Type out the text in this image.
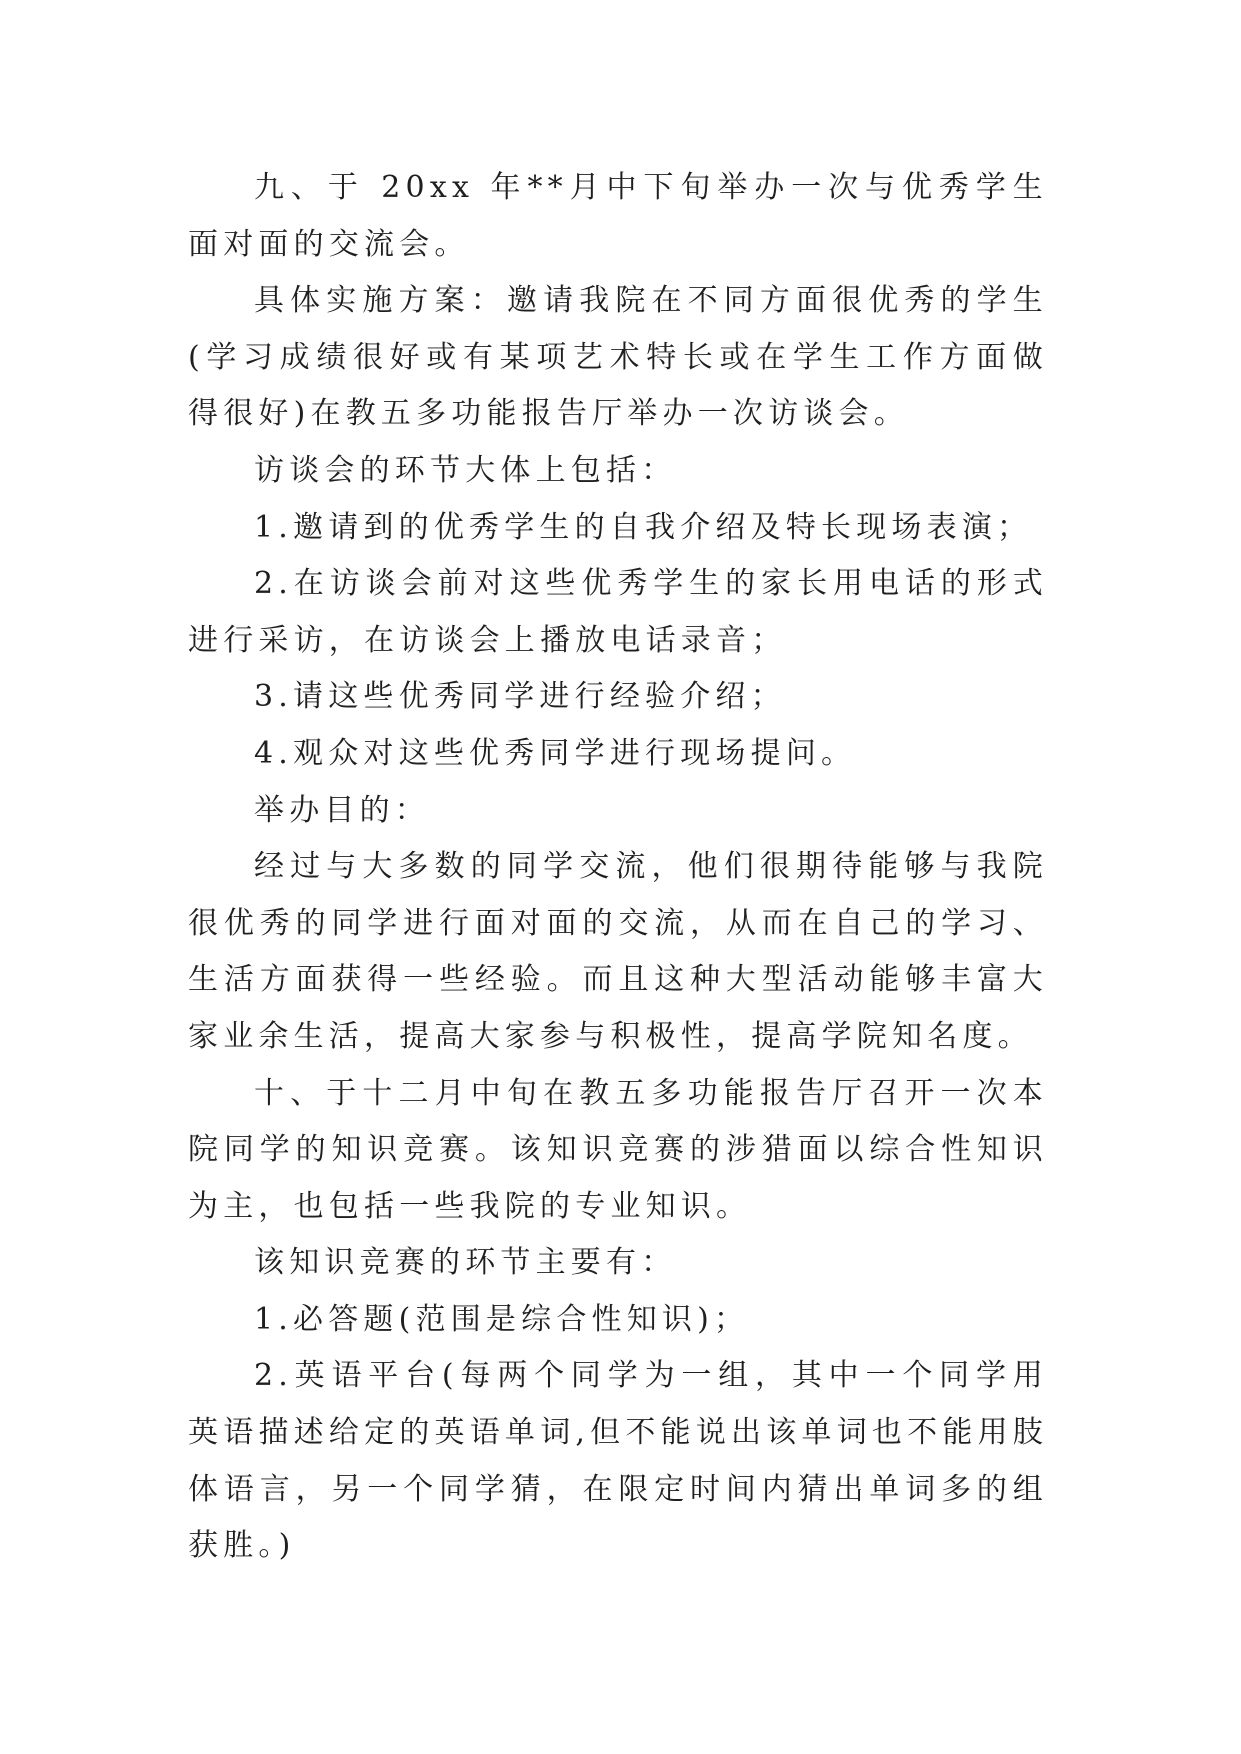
九、于 20xx 年**月中下旬举办一次与优秀学生面对面的交流会。

具体实施方案：邀请我院在不同方面很优秀的学生(学习成绩很好或有某项艺术特长或在学生工作方面做得很好)在教五多功能报告厅举办一次访谈会。

访谈会的环节大体上包括：

1.邀请到的优秀学生的自我介绍及特长现场表演；

2.在访谈会前对这些优秀学生的家长用电话的形式进行采访，在访谈会上播放电话录音；

3.请这些优秀同学进行经验介绍；

4.观众对这些优秀同学进行现场提问。

举办目的：

经过与大多数的同学交流，他们很期待能够与我院很优秀的同学进行面对面的交流，从而在自己的学习、生活方面获得一些经验。而且这种大型活动能够丰富大家业余生活，提高大家参与积极性，提高学院知名度。

十、于十二月中旬在教五多功能报告厅召开一次本院同学的知识竞赛。该知识竞赛的涉猎面以综合性知识为主，也包括一些我院的专业知识。

该知识竞赛的环节主要有：

1.必答题(范围是综合性知识)；

2.英语平台(每两个同学为一组，其中一个同学用英语描述给定的英语单词,但不能说出该单词也不能用肢体语言，另一个同学猜，在限定时间内猜出单词多的组获胜。)
